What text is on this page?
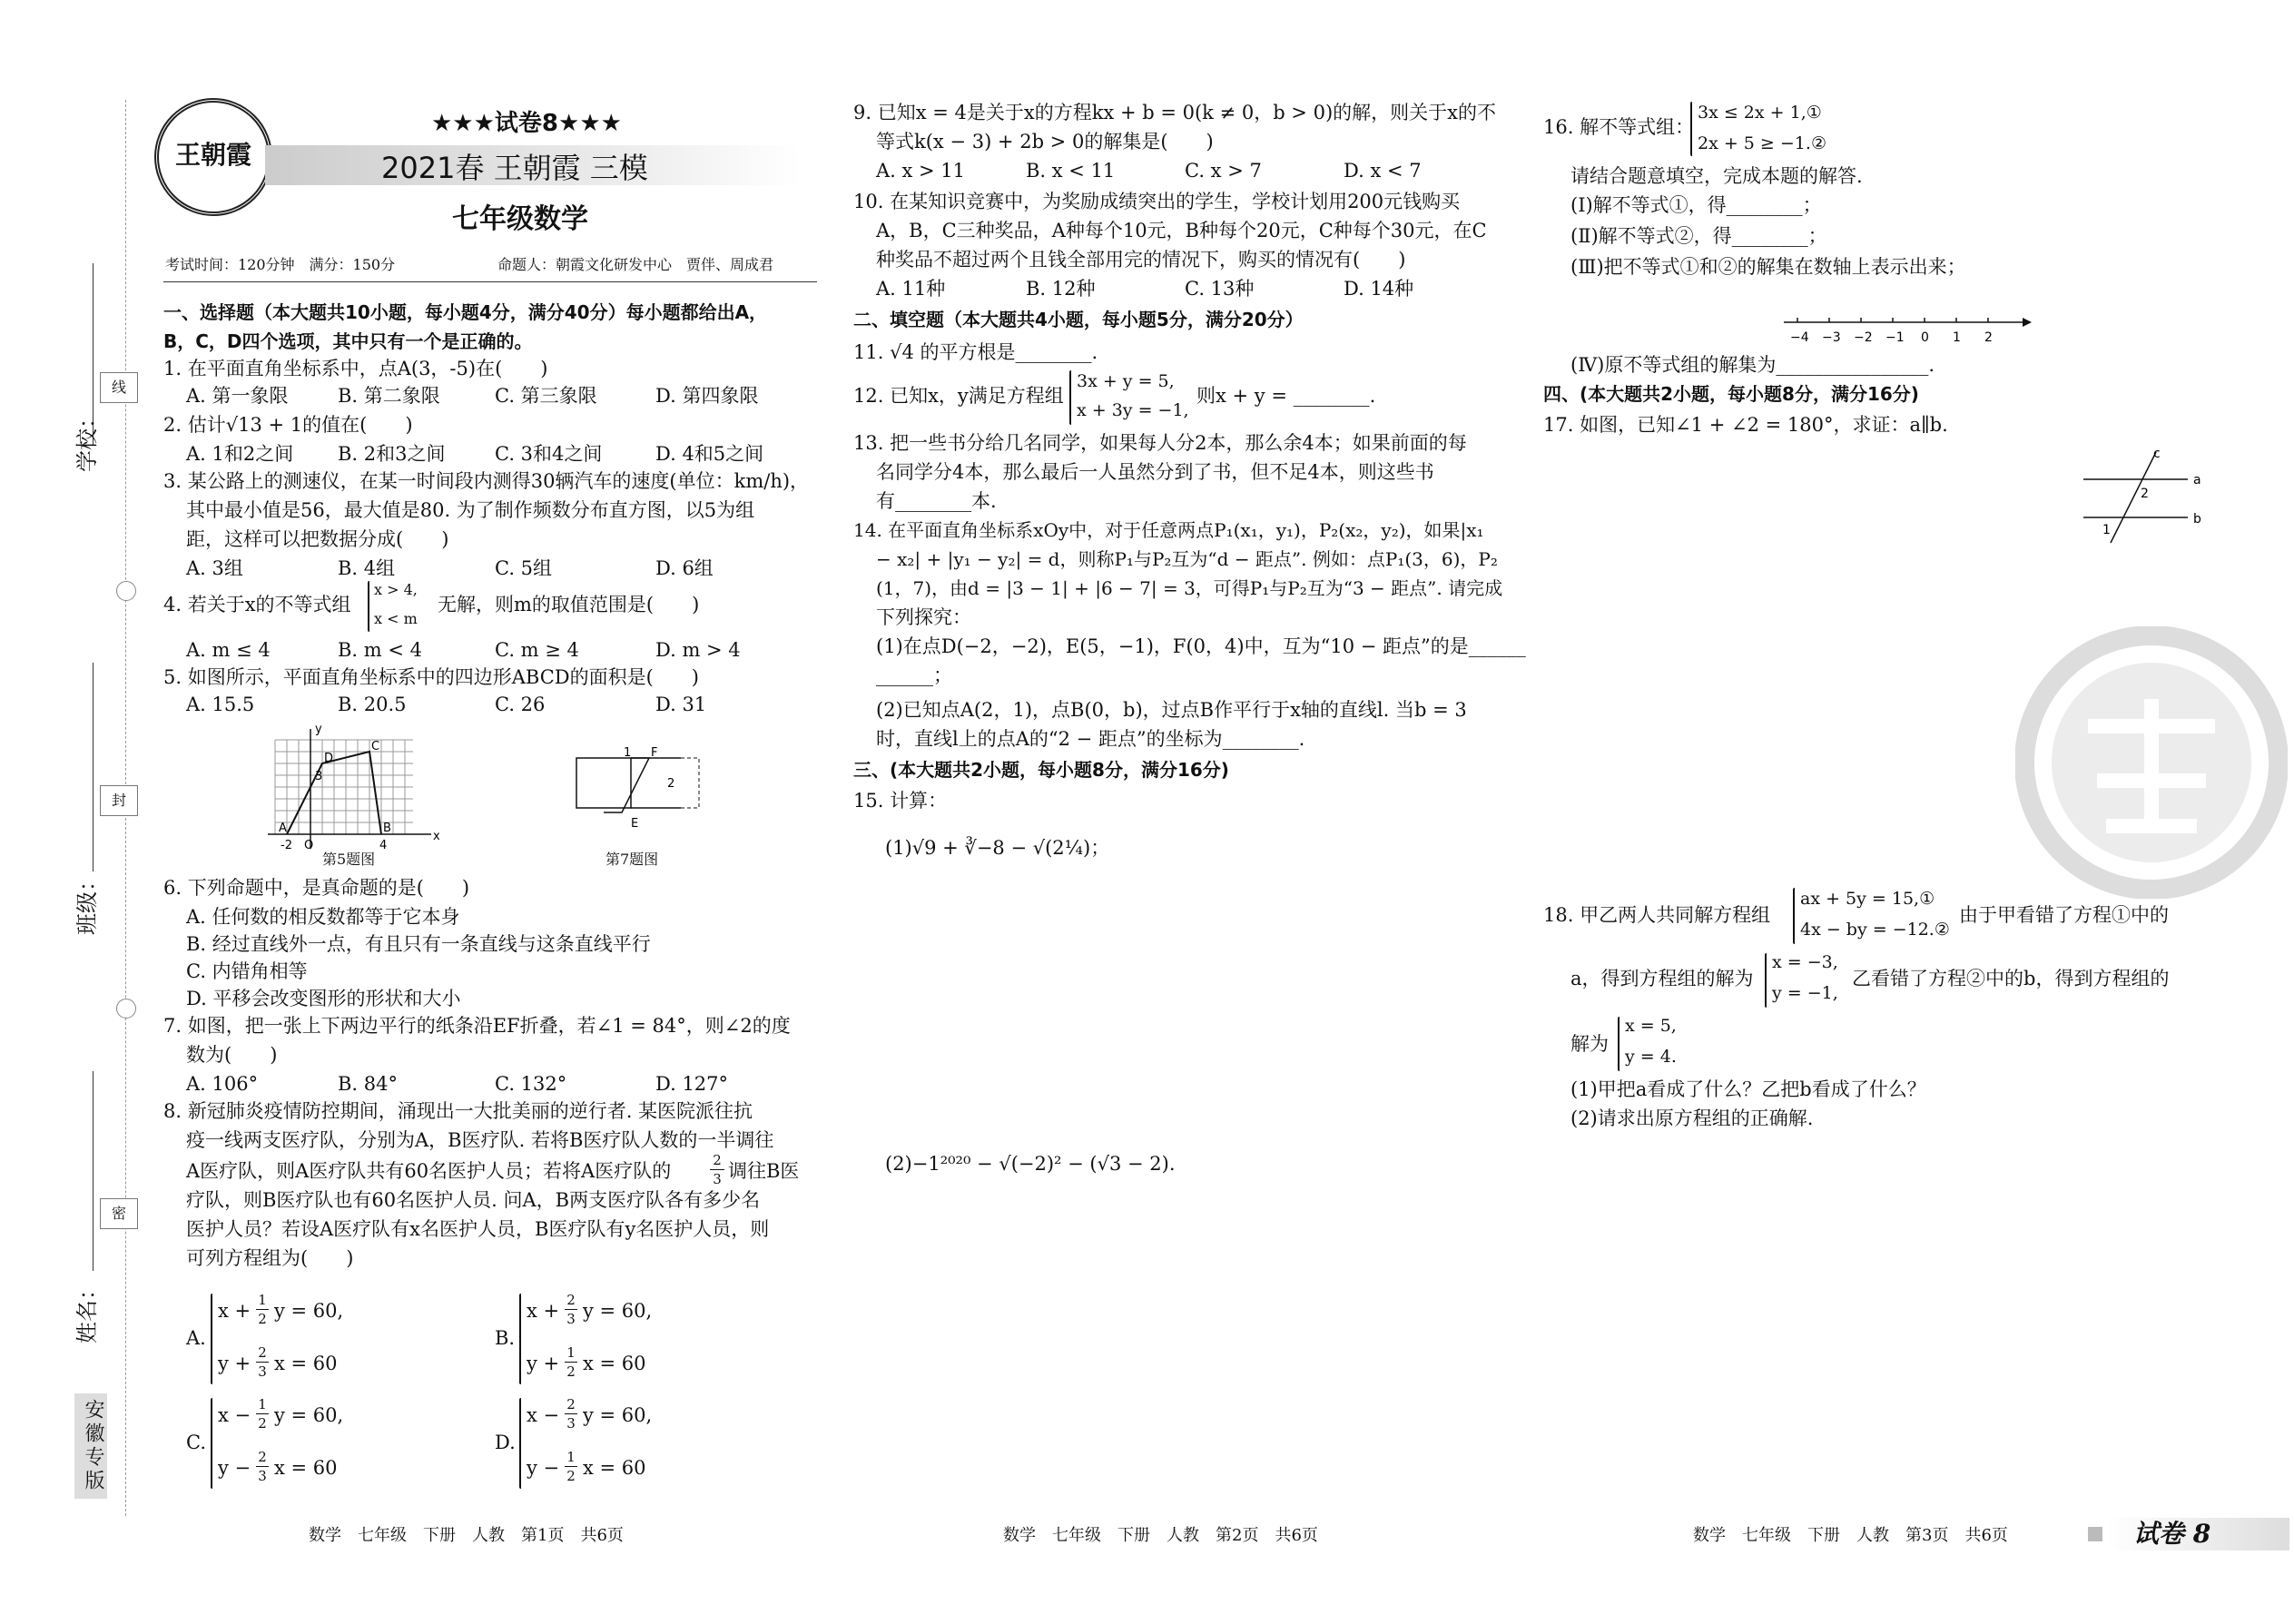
线
封
密
学校：
班级：
姓名：
安徽专版
王朝霞
★★★试卷8★★★
2021春 王朝霞 三模
七年级数学
考试时间：120分钟　满分：150分	命题人：朝霞文化研发中心　贾伴、周成君
一、选择题（本大题共10小题，每小题4分，满分40分）每小题都给出A，
B，C，D四个选项，其中只有一个是正确的。
1. 在平面直角坐标系中，点A(3，-5)在(　　)
A. 第一象限	B. 第二象限	C. 第三象限	D. 第四象限
2. 估计√13 + 1的值在(　　)
A. 1和2之间 B. 2和3之间	C. 3和4之间	D. 4和5之间
3. 某公路上的测速仪，在某一时间段内测得30辆汽车的速度(单位：km/h)，
其中最小值是56，最大值是80. 为了制作频数分布直方图，以5为组
距，这样可以把数据分成(　　)
A. 3组	B. 4组	C. 5组	D. 6组
4. 若关于x的不等式组
x > 4,
x < m
无解，则m的取值范围是(　　)
A. m ≤ 4	B. m < 4	C. m ≥ 4	D. m > 4
5. 如图所示，平面直角坐标系中的四边形ABCD的面积是(　　)
A. 15.5	B. 20.5	C. 26	D. 31
y
x
D
C
A	B
O
-2
3
4
第5题图
1 F
2
E
第7题图
6. 下列命题中，是真命题的是(　　)
A. 任何数的相反数都等于它本身
B. 经过直线外一点，有且只有一条直线与这条直线平行
C. 内错角相等
D. 平移会改变图形的形状和大小
7. 如图，把一张上下两边平行的纸条沿EF折叠，若∠1 = 84°，则∠2的度
数为(　　)
A. 106°	B. 84°	C. 132°	D. 127°
8. 新冠肺炎疫情防控期间，涌现出一大批美丽的逆行者. 某医院派往抗
疫一线两支医疗队，分别为A，B医疗队. 若将B医疗队人数的一半调往
A医疗队，则A医疗队共有60名医护人员；若将A医疗队的	2
3 调往B医
疗队，则B医疗队也有60名医护人员. 问A，B两支医疗队各有多少名
医护人员？若设A医疗队有x名医护人员，B医疗队有y名医护人员，则
可列方程组为(　　)
A.
x + 1
2 y = 60,
y + 2
3 x = 60
B.
x + 2
3 y = 60,
y + 1
2 x = 60
C.
x − 1
2 y = 60,
y − 2
3 x = 60
D.
x − 2
3 y = 60,
y − 1
2 x = 60
9. 已知x = 4是关于x的方程kx + b = 0(k ≠ 0，b > 0)的解，则关于x的不
等式k(x − 3) + 2b > 0的解集是(　　)
A. x > 11	B. x < 11	C. x > 7	D. x < 7
10. 在某知识竞赛中，为奖励成绩突出的学生，学校计划用200元钱购买
A，B，C三种奖品，A种每个10元，B种每个20元，C种每个30元，在C
种奖品不超过两个且钱全部用完的情况下，购买的情况有(　　)
A. 11种	B. 12种	C. 13种	D. 14种
二、填空题（本大题共4小题，每小题5分，满分20分）
11. √4 的平方根是________.
12. 已知x，y满足方程组
3x + y = 5,
x + 3y = −1,
则x + y = ________.
13. 把一些书分给几名同学，如果每人分2本，那么余4本；如果前面的每
名同学分4本，那么最后一人虽然分到了书，但不足4本，则这些书
有________本.
14. 在平面直角坐标系xOy中，对于任意两点P₁(x₁，y₁)，P₂(x₂，y₂)，如果|x₁
− x₂| + |y₁ − y₂| = d，则称P₁与P₂互为“d − 距点”. 例如：点P₁(3，6)，P₂
(1，7)，由d = |3 − 1| + |6 − 7| = 3，可得P₁与P₂互为“3 − 距点”. 请完成
下列探究：
(1)在点D(−2，−2)，E(5，−1)，F(0，4)中，互为“10 − 距点”的是______
______；
(2)已知点A(2，1)，点B(0，b)，过点B作平行于x轴的直线l. 当b = 3
时，直线l上的点A的“2 − 距点”的坐标为________.
三、(本大题共2小题，每小题8分，满分16分)
15. 计算：
(1)√9 + ∛−8 − √(2¼)；
(2)−1²⁰²⁰ − √(−2)² − (√3 − 2).
16. 解不等式组：
3x ≤ 2x + 1,①
2x + 5 ≥ −1.②
请结合题意填空，完成本题的解答.
(Ⅰ)解不等式①，得________；
(Ⅱ)解不等式②，得________；
(Ⅲ)把不等式①和②的解集在数轴上表示出来；
−4 −3 −2 −1 0 1 2
(Ⅳ)原不等式组的解集为________________.
四、(本大题共2小题，每小题8分，满分16分)
17. 如图，已知∠1 + ∠2 = 180°，求证：a∥b.
c
a
2
b
1
18. 甲乙两人共同解方程组
ax + 5y = 15,①
4x − by = −12.②
由于甲看错了方程①中的
a，得到方程组的解为
x = −3,
y = −1,
乙看错了方程②中的b，得到方程组的
解为
x = 5,
y = 4.
(1)甲把a看成了什么？乙把b看成了什么？
(2)请求出原方程组的正确解.
数学　七年级　下册　人教　第1页　共6页	数学　七年级　下册　人教　第2页　共6页	数学　七年级　下册　人教　第3页　共6页	试卷 8
